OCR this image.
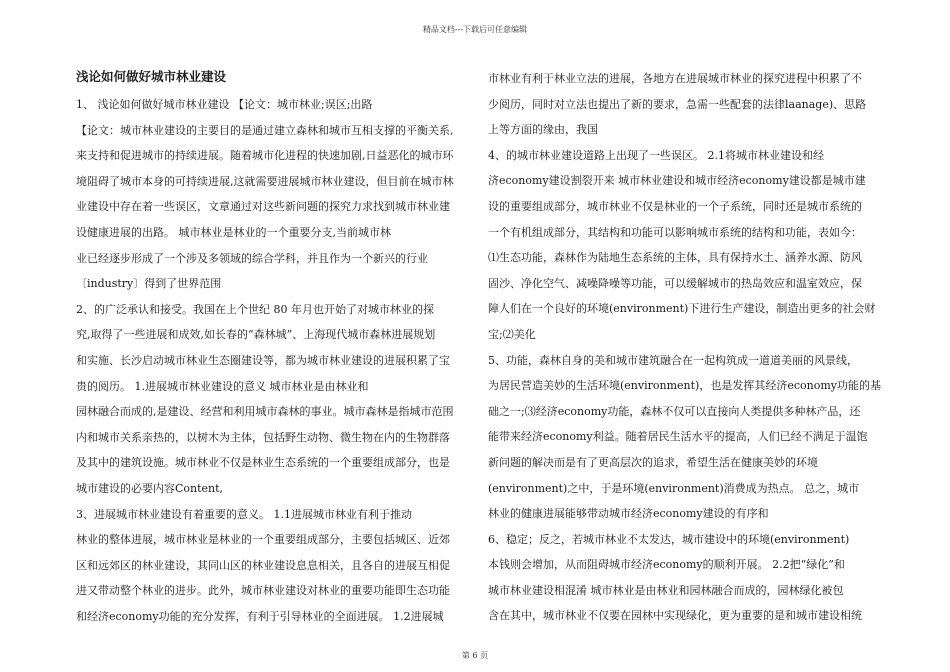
精品文档---下载后可任意编辑
浅论如何做好城市林业建设
1、 浅论如何做好城市林业建设 【论文：城市林业;误区;出路
【论文：城市林业建设的主要目的是通过建立森林和城市互相支撑的平衡关系,
来支持和促进城市的持续进展。随着城市化进程的快速加剧,日益恶化的城市环
境阻碍了城市本身的可持续进展,这就需要进展城市林业建设，但目前在城市林
业建设中存在着一些误区，文章通过对这些新问题的探究力求找到城市林业建
设健康进展的出路。 城市林业是林业的一个重要分支,当前城市林
业已经逐步形成了一个涉及多领域的综合学科，并且作为一个新兴的行业
〔industry〕得到了世界范围
2、的广泛承认和接受。我国在上个世纪 80 年月也开始了对城市林业的探
究,取得了一些进展和成效,如长春的“森林城”、上海现代城市森林进展规划
和实施、长沙启动城市林业生态圈建设等，都为城市林业建设的进展积累了宝
贵的阅历。 1.进展城市林业建设的意义 城市林业是由林业和
园林融合而成的,是建设、经营和利用城市森林的事业。城市森林是指城市范围
内和城市关系亲热的，以树木为主体，包括野生动物、微生物在内的生物群落
及其中的建筑设施。城市林业不仅是林业生态系统的一个重要组成部分，也是
城市建设的必要内容Content,
3、进展城市林业建设有着重要的意义。 1.1进展城市林业有利于推动
林业的整体进展，城市林业是林业的一个重要组成部分，主要包括城区、近郊
区和远郊区的林业建设，其同山区的林业建设息息相关，且各自的进展互相促
进又带动整个林业的进步。此外，城市林业建设对林业的重要功能即生态功能
和经济economy功能的充分发挥，有利于引导林业的全面进展。 1.2进展城
市林业有利于林业立法的进展，各地方在进展城市林业的探究进程中积累了不
少阅历，同时对立法也提出了新的要求，急需一些配套的法律laanage)、思路
上等方面的缘由，我国
4、的城市林业建设道路上出现了一些误区。 2.1将城市林业建设和经
济economy建设割裂开来 城市林业建设和城市经济economy建设都是城市建
设的重要组成部分，城市林业不仅是林业的一个子系统，同时还是城市系统的
一个有机组成部分，其结构和功能可以影响城市系统的结构和功能，表如今：
⑴生态功能，森林作为陆地生态系统的主体，具有保持水土、涵养水源、防风
固沙、净化空气、减噪降噪等功能，可以缓解城市的热岛效应和温室效应，保
障人们在一个良好的环境(environment)下进行生产建设，制造出更多的社会财
宝;⑵美化
5、功能，森林自身的美和城市建筑融合在一起构筑成一道道美丽的风景线，
为居民营造美妙的生活环境(environment)，也是发挥其经济economy功能的基
础之一;⑶经济economy功能，森林不仅可以直接向人类提供多种林产品，还
能带来经济economy利益。随着居民生活水平的提高，人们已经不满足于温饱
新问题的解决而是有了更高层次的追求，希望生活在健康美妙的环境
(environment)之中，于是环境(environment)消费成为热点。 总之，城市
林业的健康进展能够带动城市经济economy建设的有序和
6、稳定；反之，若城市林业不太发达，城市建设中的环境(environment)
本钱则会增加，从而阻碍城市经济economy的顺利开展。 2.2把“绿化”和
城市林业建设相混淆 城市林业是由林业和园林融合而成的，园林绿化被包
含在其中，城市林业不仅要在园林中实现绿化，更为重要的是和城市建设相统
第 6 页
